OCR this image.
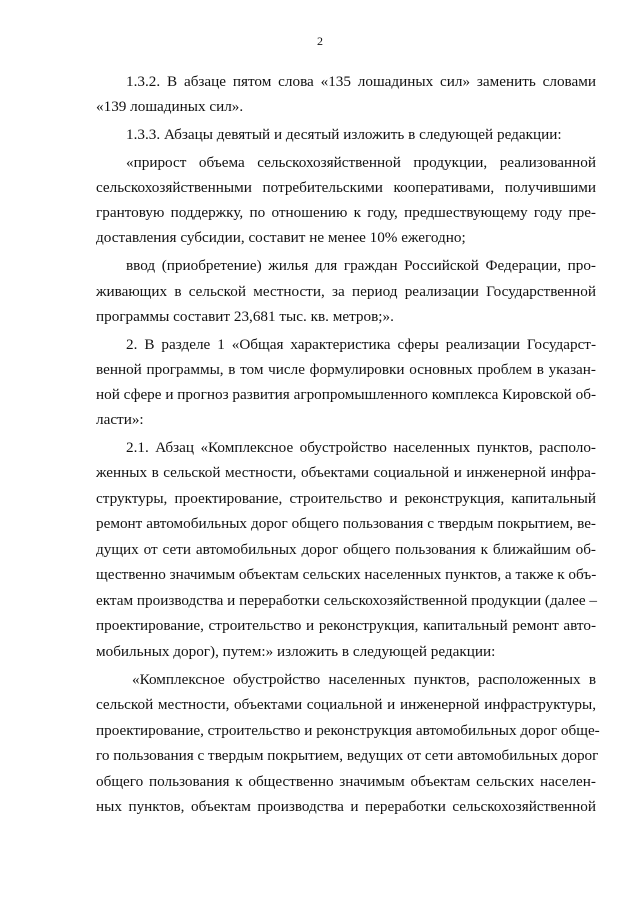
2
1.3.2. В абзаце пятом слова «135 лошадиных сил» заменить словами
«139 лошадиных сил».
1.3.3. Абзацы девятый и десятый изложить в следующей редакции:
«прирост объема сельскохозяйственной продукции, реализованной
сельскохозяйственными потребительскими кооперативами, получившими
грантовую поддержку, по отношению к году, предшествующему году пре-
доставления субсидии, составит не менее 10% ежегодно;
ввод (приобретение) жилья для граждан Российской Федерации, про-
живающих в сельской местности, за период реализации Государственной
программы составит 23,681 тыс. кв. метров;».
2. В разделе 1 «Общая характеристика сферы реализации Государст-
венной программы, в том числе формулировки основных проблем в указан-
ной сфере и прогноз развития агропромышленного комплекса Кировской об-
ласти»:
2.1. Абзац «Комплексное обустройство населенных пунктов, располо-
женных в сельской местности, объектами социальной и инженерной инфра-
структуры, проектирование, строительство и реконструкция, капитальный
ремонт автомобильных дорог общего пользования с твердым покрытием, ве-
дущих от сети автомобильных дорог общего пользования к ближайшим об-
щественно значимым объектам сельских населенных пунктов, а также к объ-
ектам производства и переработки сельскохозяйственной продукции (далее –
проектирование, строительство и реконструкция, капитальный ремонт авто-
мобильных дорог), путем:» изложить в следующей редакции:
«Комплексное обустройство населенных пунктов, расположенных в
сельской местности, объектами социальной и инженерной инфраструктуры,
проектирование, строительство и реконструкция автомобильных дорог обще-
го пользования с твердым покрытием, ведущих от сети автомобильных дорог
общего пользования к общественно значимым объектам сельских населен-
ных пунктов, объектам производства и переработки сельскохозяйственной
